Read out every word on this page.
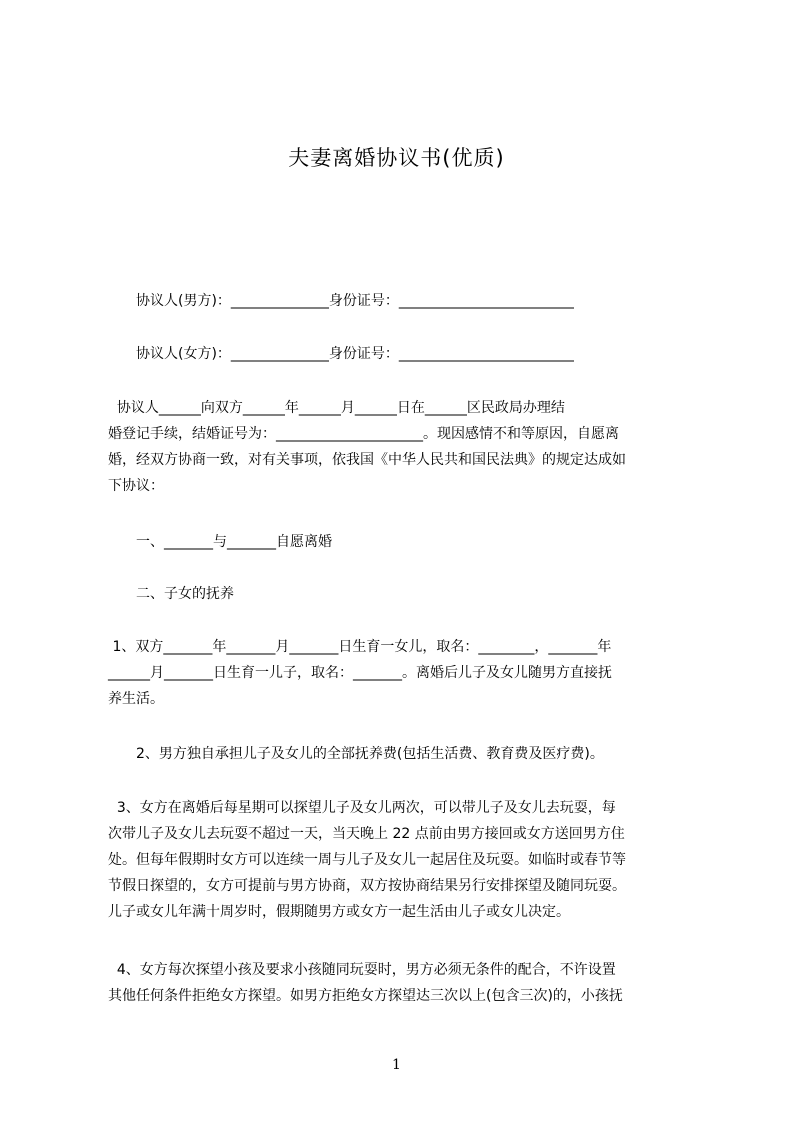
夫妻离婚协议书(优质)
协议人(男方)：______________身份证号：_________________________
协议人(女方)：______________身份证号：_________________________
协议人______向双方______年______月______日在______区民政局办理结
婚登记手续，结婚证号为：_____________________。现因感情不和等原因，自愿离
婚，经双方协商一致，对有关事项，依我国《中华人民共和国民法典》的规定达成如
下协议：
一、_______与_______自愿离婚
二、子女的抚养
1、双方_______年_______月_______日生育一女儿，取名：________，_______年
______月_______日生育一儿子，取名：_______。离婚后儿子及女儿随男方直接抚
养生活。
2、男方独自承担儿子及女儿的全部抚养费(包括生活费、教育费及医疗费)。
3、女方在离婚后每星期可以探望儿子及女儿两次，可以带儿子及女儿去玩耍，每
次带儿子及女儿去玩耍不超过一天，当天晚上 22 点前由男方接回或女方送回男方住
处。但每年假期时女方可以连续一周与儿子及女儿一起居住及玩耍。如临时或春节等
节假日探望的，女方可提前与男方协商，双方按协商结果另行安排探望及随同玩耍。
儿子或女儿年满十周岁时，假期随男方或女方一起生活由儿子或女儿决定。
4、女方每次探望小孩及要求小孩随同玩耍时，男方必须无条件的配合，不许设置
其他任何条件拒绝女方探望。如男方拒绝女方探望达三次以上(包含三次)的，小孩抚
1
